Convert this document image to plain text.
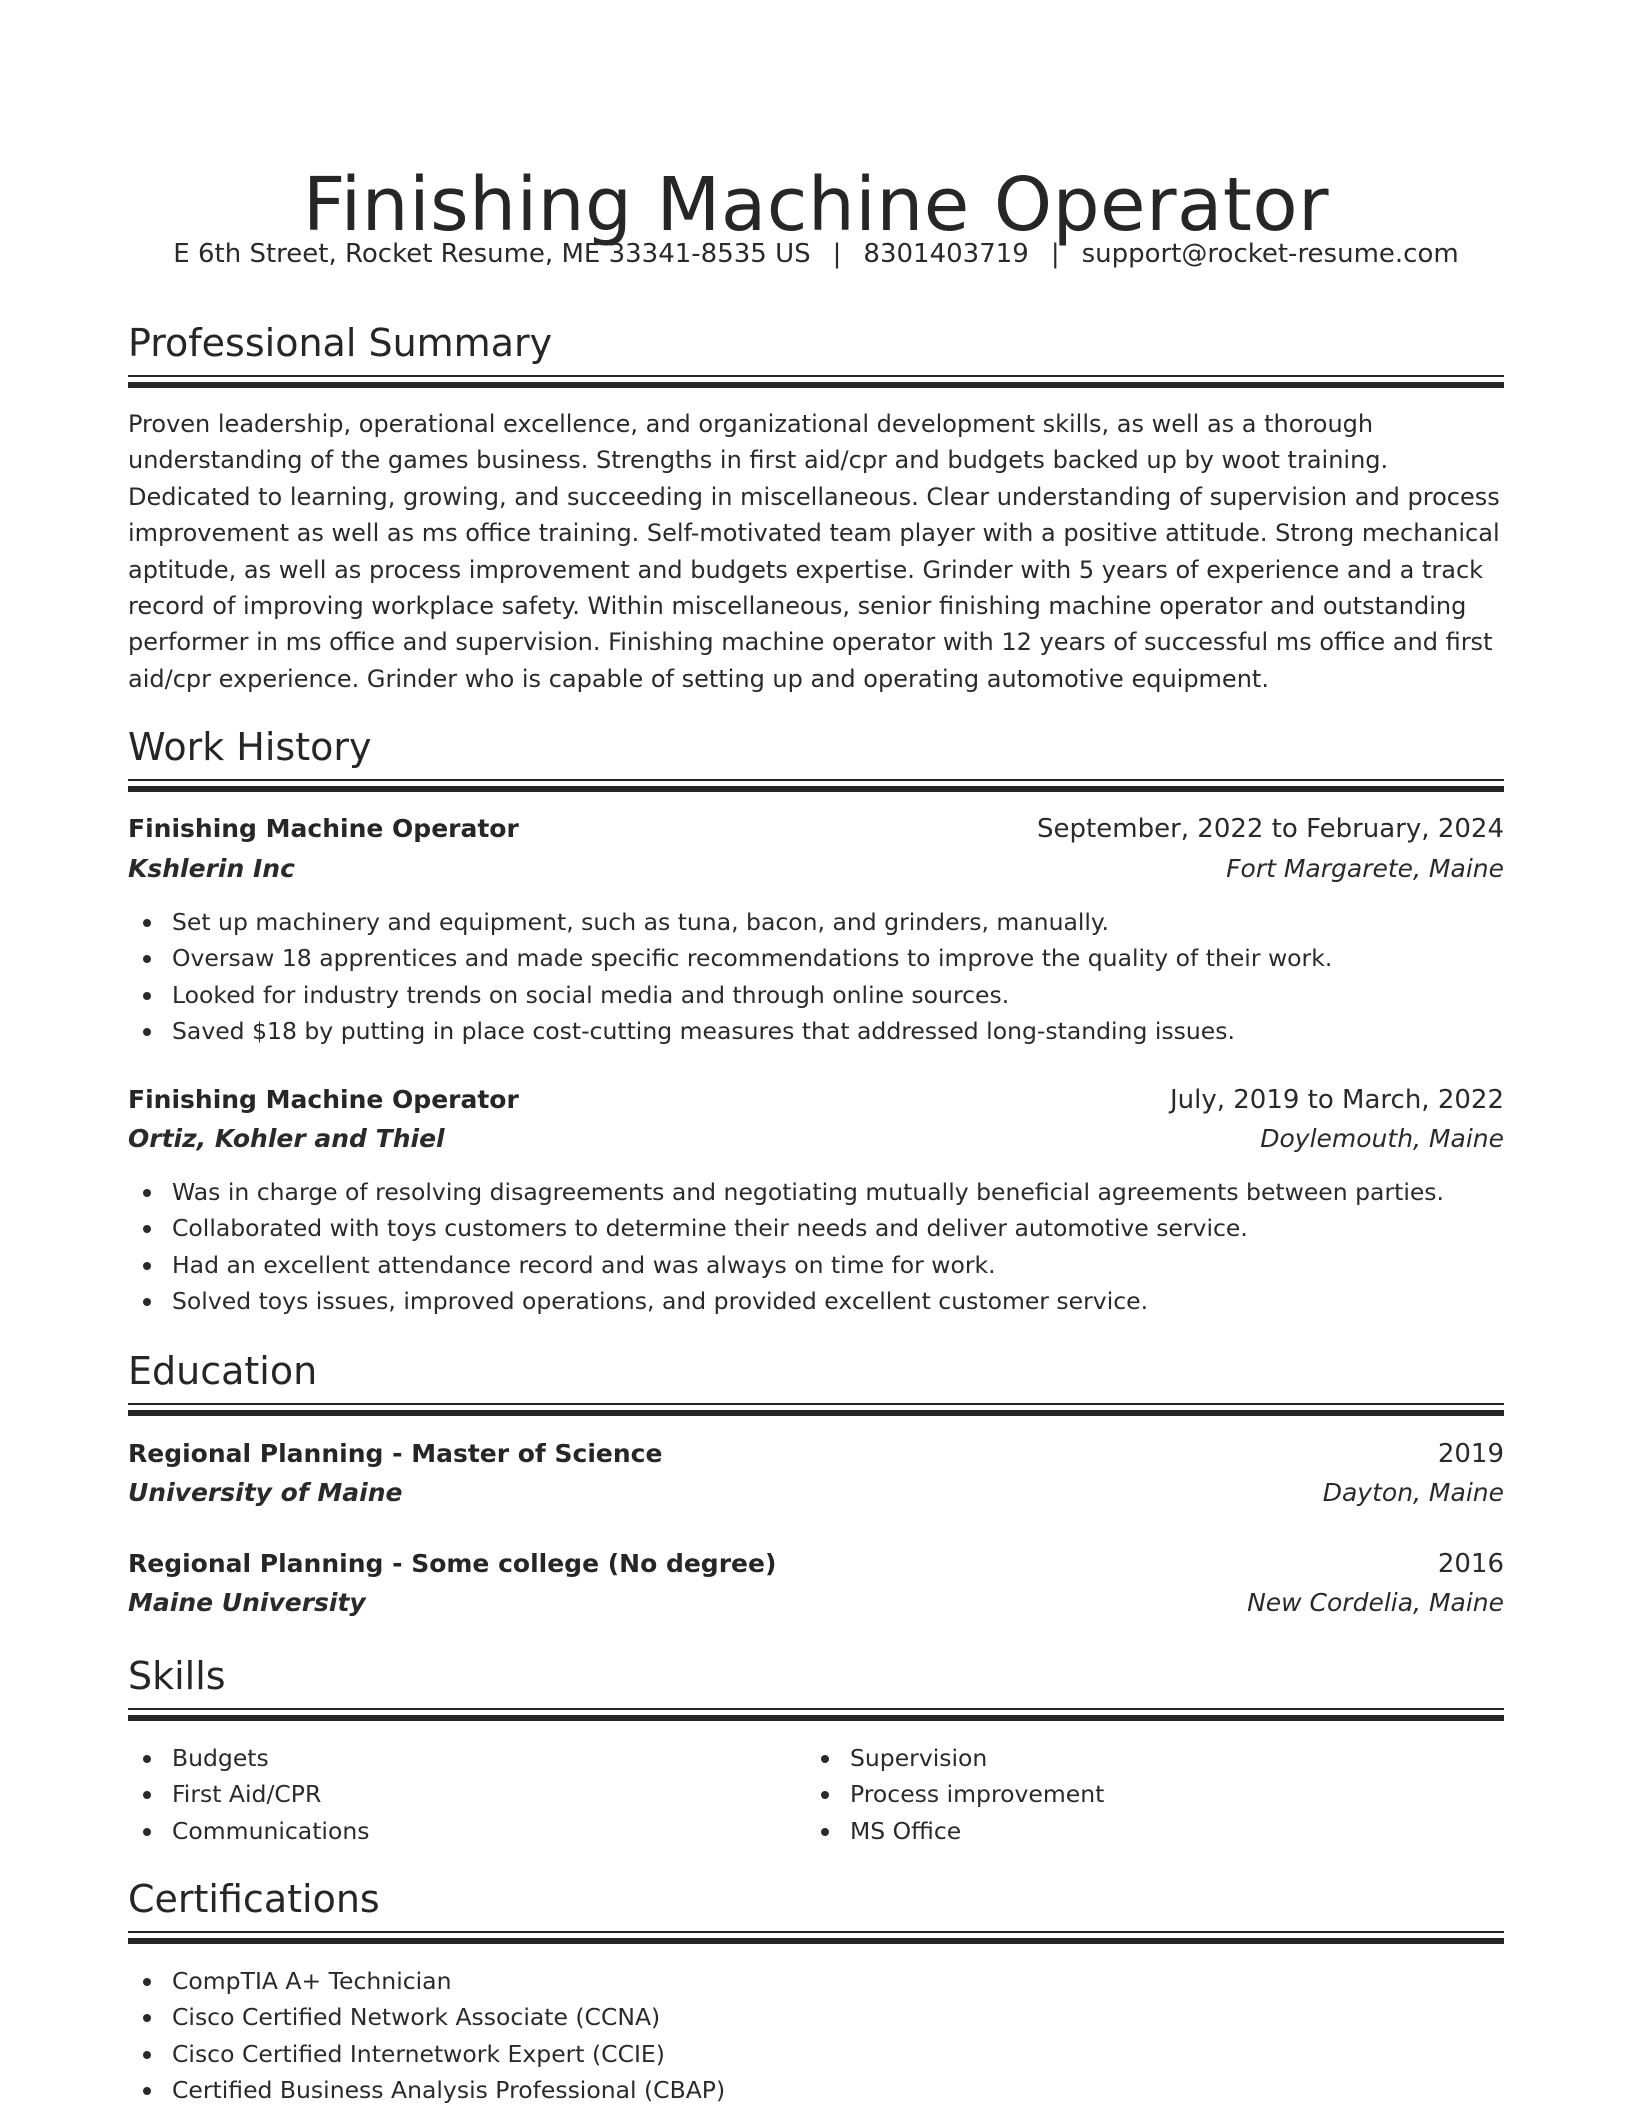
Finishing Machine Operator
E 6th Street, Rocket Resume, ME 33341-8535 US | 8301403719 | support@rocket-resume.com
Professional Summary

Proven leadership, operational excellence, and organizational development skills, as well as a thorough understanding of the games business. Strengths in first aid/cpr and budgets backed up by woot training. Dedicated to learning, growing, and succeeding in miscellaneous. Clear understanding of supervision and process improvement as well as ms office training. Self-motivated team player with a positive attitude. Strong mechanical aptitude, as well as process improvement and budgets expertise. Grinder with 5 years of experience and a track record of improving workplace safety. Within miscellaneous, senior finishing machine operator and outstanding performer in ms office and supervision. Finishing machine operator with 12 years of successful ms office and first aid/cpr experience. Grinder who is capable of setting up and operating automotive equipment.

Work History
Finishing Machine Operator	September, 2022 to February, 2024
Kshlerin Inc	Fort Margarete, Maine
Set up machinery and equipment, such as tuna, bacon, and grinders, manually.
Oversaw 18 apprentices and made specific recommendations to improve the quality of their work.
Looked for industry trends on social media and through online sources.
Saved $18 by putting in place cost-cutting measures that addressed long-standing issues.
Finishing Machine Operator	July, 2019 to March, 2022
Ortiz, Kohler and Thiel	Doylemouth, Maine
Was in charge of resolving disagreements and negotiating mutually beneficial agreements between parties.
Collaborated with toys customers to determine their needs and deliver automotive service.
Had an excellent attendance record and was always on time for work.
Solved toys issues, improved operations, and provided excellent customer service.
Education
Regional Planning - Master of Science	2019
University of Maine	Dayton, Maine
Regional Planning - Some college (No degree)	2016
Maine University	New Cordelia, Maine
Skills
Budgets
First Aid/CPR
Communications
Supervision
Process improvement
MS Office
Certifications
CompTIA A+ Technician
Cisco Certified Network Associate (CCNA)
Cisco Certified Internetwork Expert (CCIE)
Certified Business Analysis Professional (CBAP)
